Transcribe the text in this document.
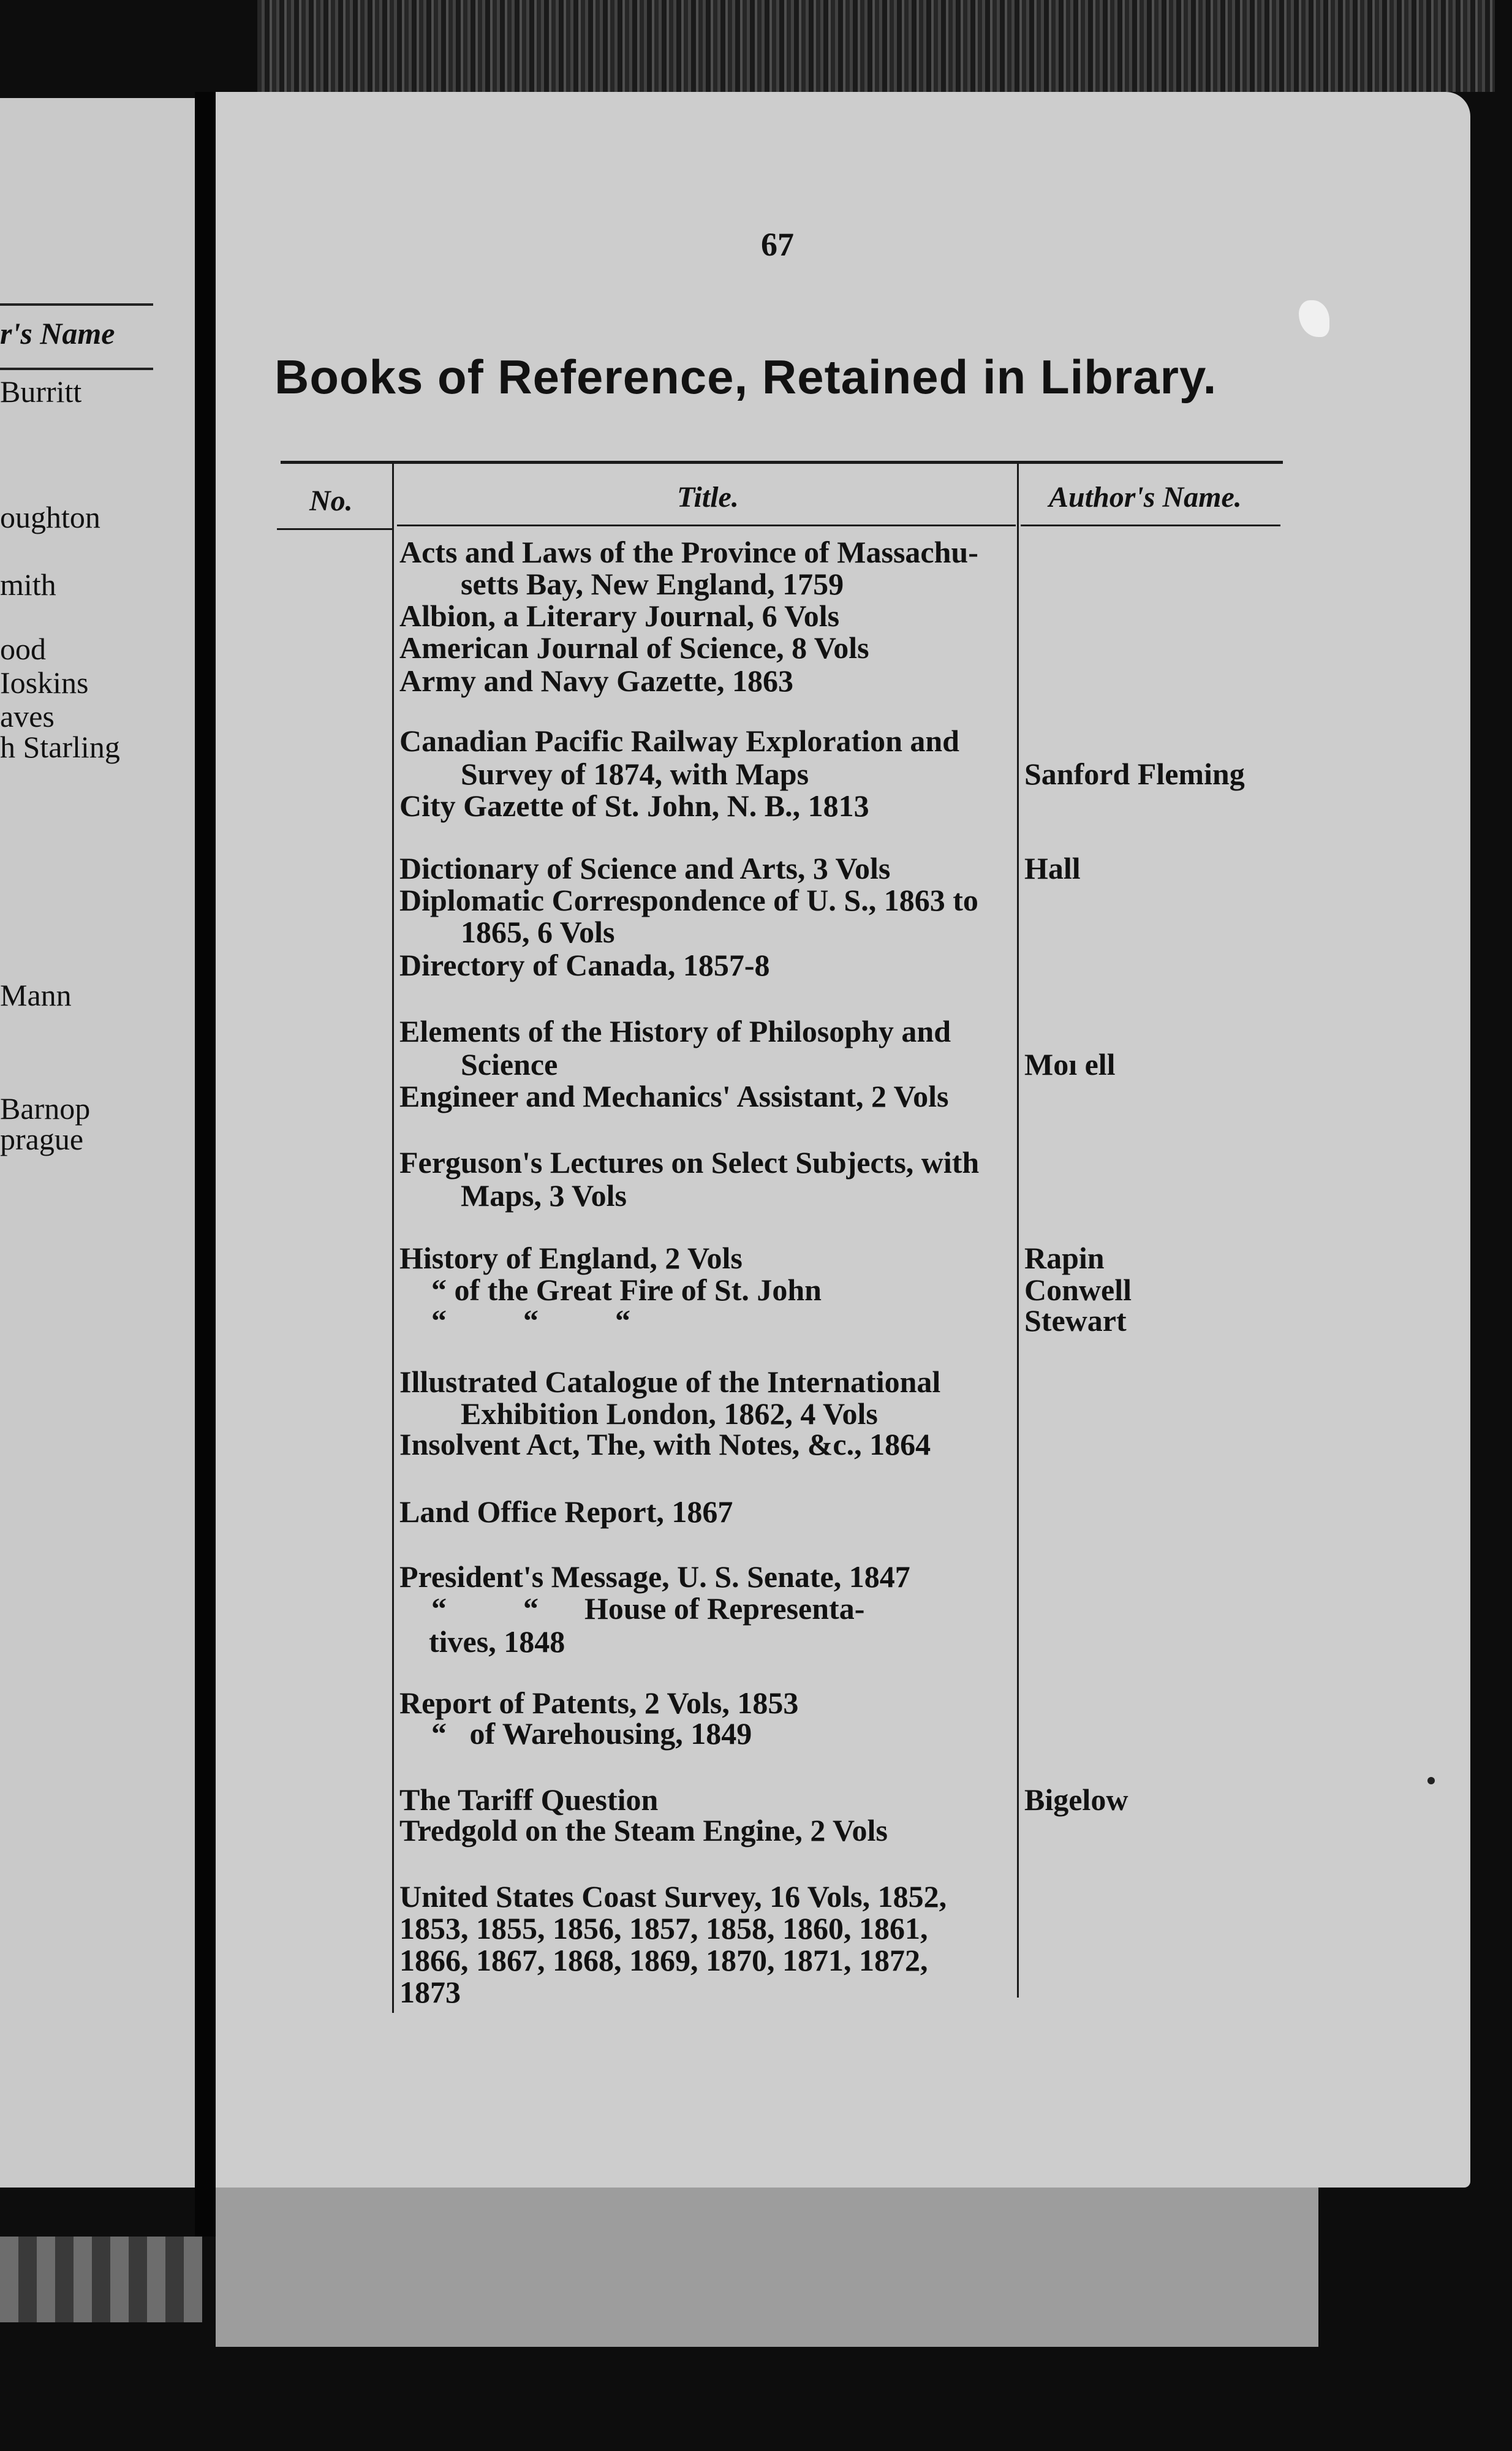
r's Name
Burritt
oughton
mith
ood
Ioskins
aves
h Starling
Mann
Barnop
prague
67
Books of Reference, Retained in Library.
No.	Title.	Author's Name.
Acts and Laws of the Province of Massachu-
setts Bay, New England, 1759
Albion, a Literary Journal, 6 Vols
American Journal of Science, 8 Vols
Army and Navy Gazette, 1863
Canadian Pacific Railway Exploration and
Survey of 1874, with Maps
City Gazette of St. John, N. B., 1813
Dictionary of Science and Arts, 3 Vols
Diplomatic Correspondence of U. S., 1863 to
1865, 6 Vols
Directory of Canada, 1857-8
Elements of the History of Philosophy and
Science
Engineer and Mechanics' Assistant, 2 Vols
Ferguson's Lectures on Select Subjects, with
Maps, 3 Vols
History of England, 2 Vols
“ of the Great Fire of St. John
“          “          “
Illustrated Catalogue of the International
Exhibition London, 1862, 4 Vols
Insolvent Act, The, with Notes, &c., 1864
Land Office Report, 1867
President's Message, U. S. Senate, 1847
“          “      House of Representa-
tives, 1848
Report of Patents, 2 Vols, 1853
“   of Warehousing, 1849
The Tariff Question
Tredgold on the Steam Engine, 2 Vols
United States Coast Survey, 16 Vols, 1852,
1853, 1855, 1856, 1857, 1858, 1860, 1861,
1866, 1867, 1868, 1869, 1870, 1871, 1872,
1873
Sanford Fleming
Hall
Moı ell
Rapin
Conwell
Stewart
Bigelow
